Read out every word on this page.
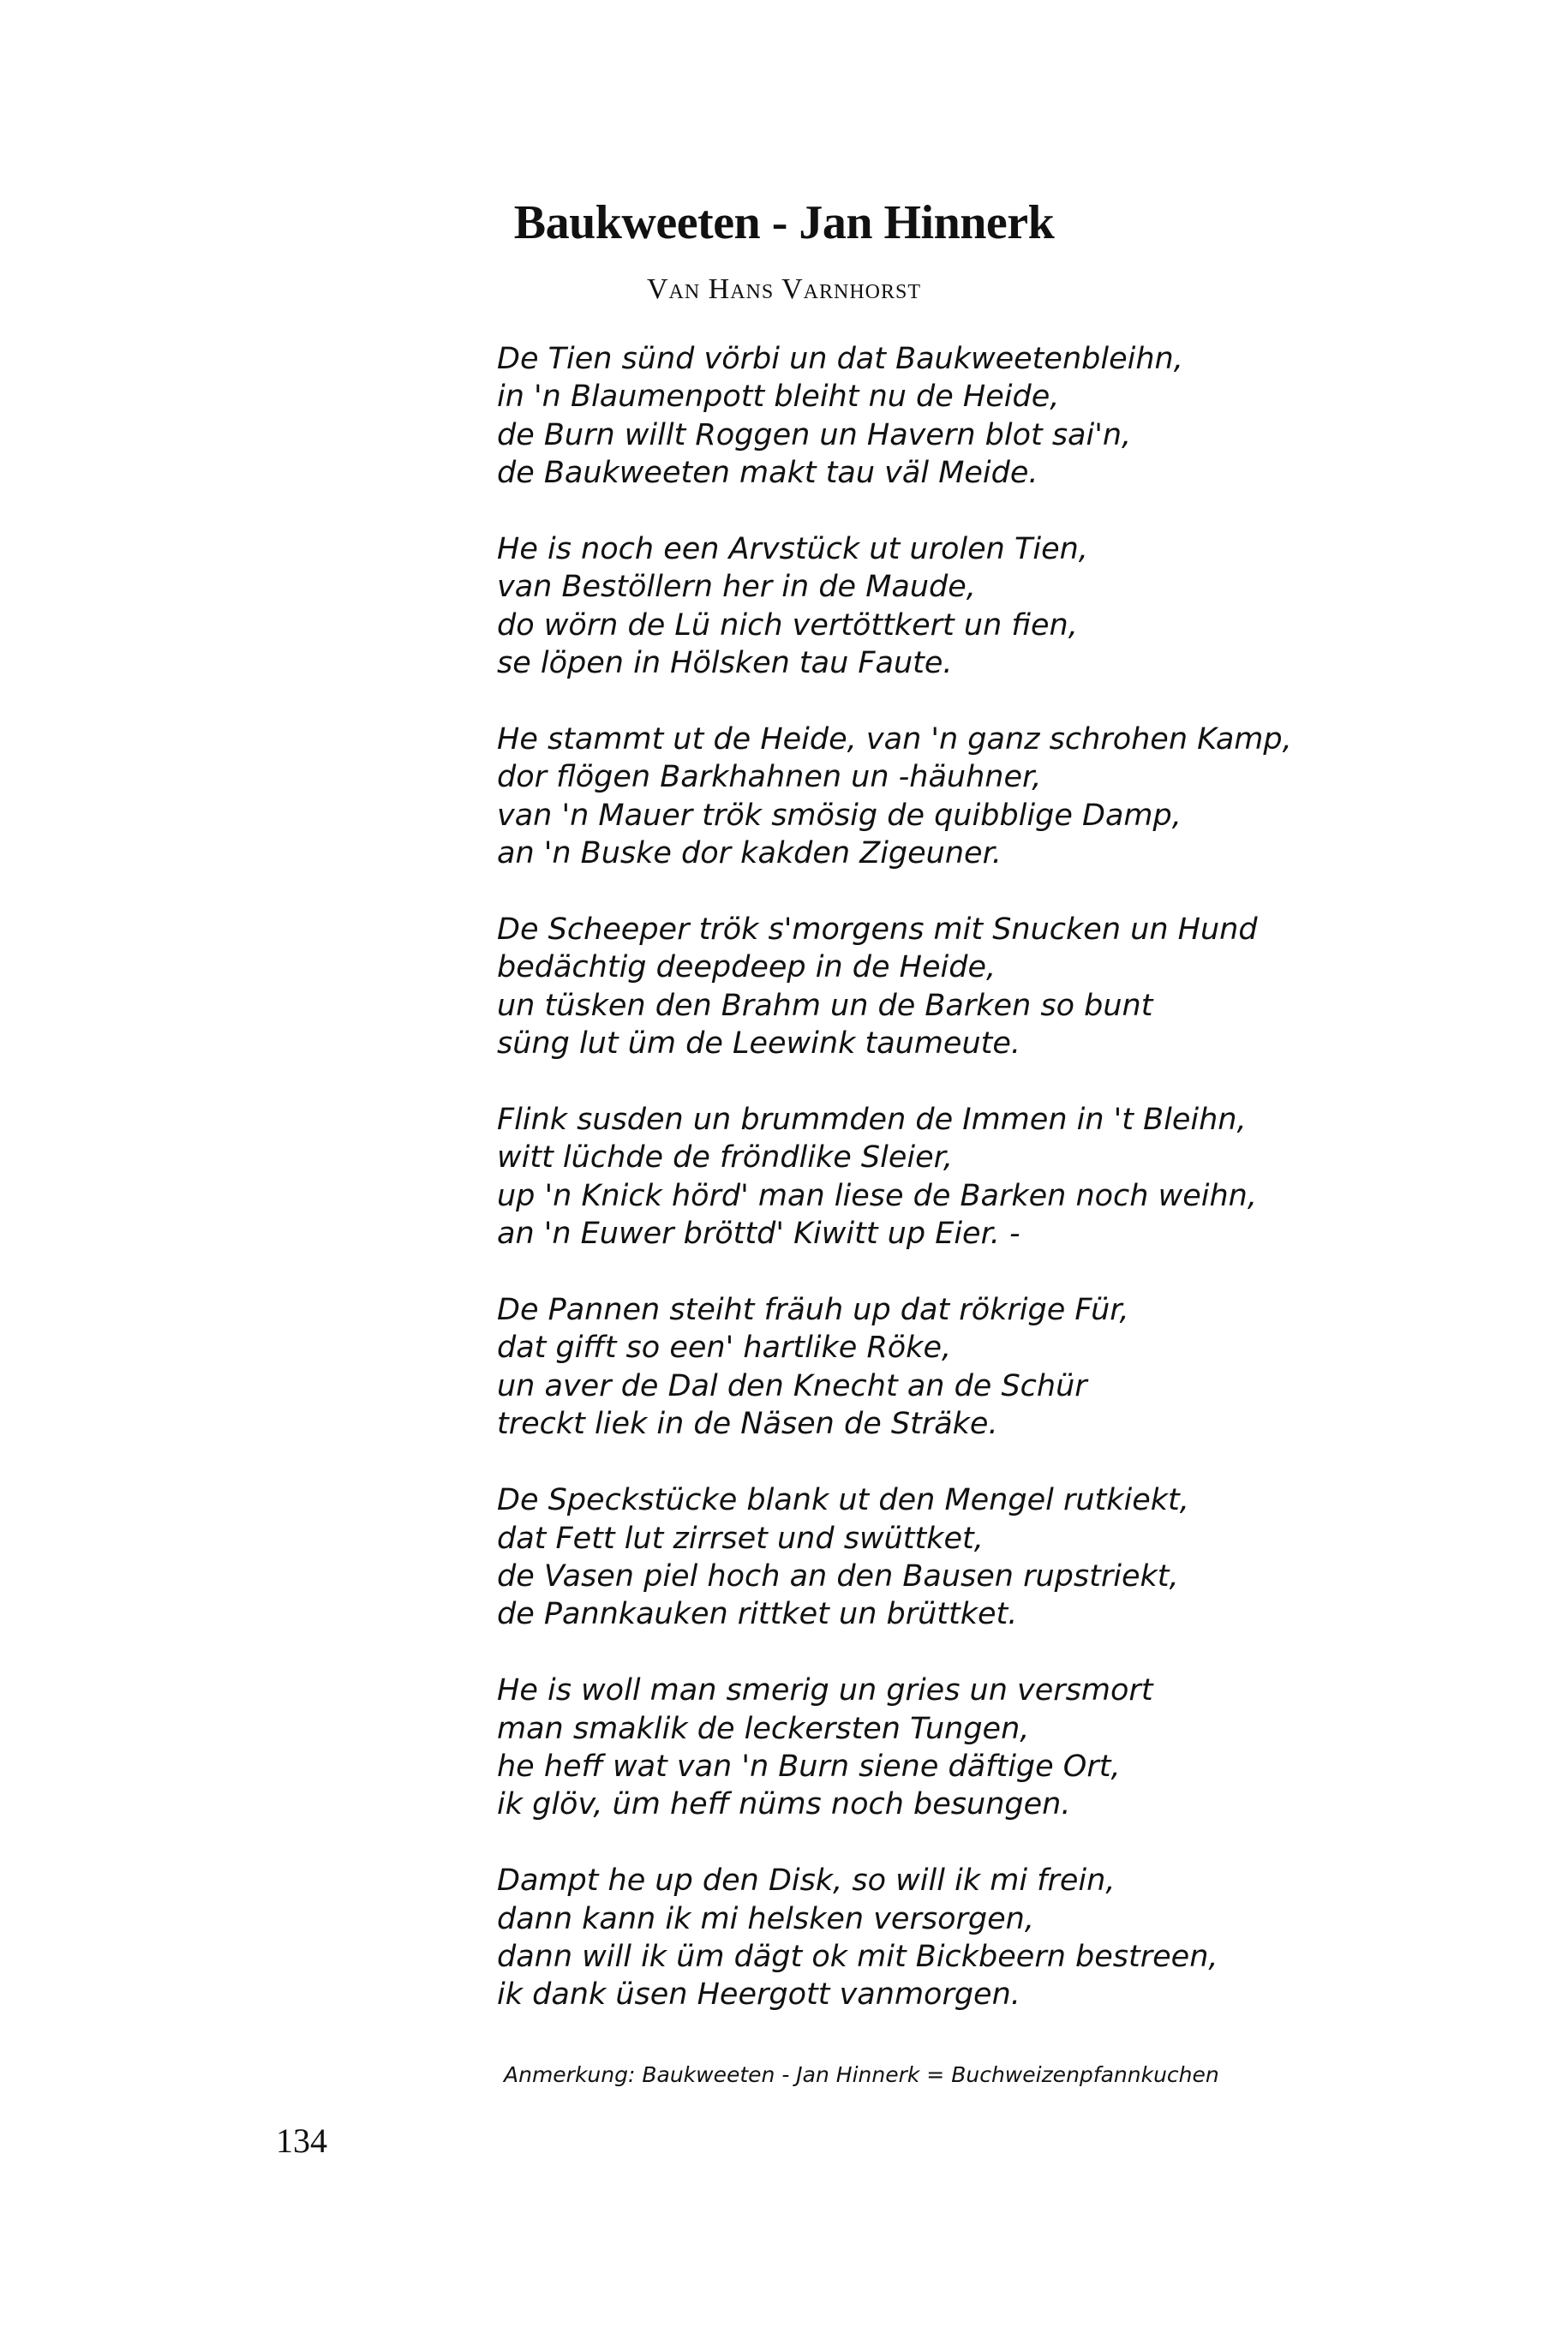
Baukweeten - Jan Hinnerk
Van Hans Varnhorst
De Tien sünd vörbi un dat Baukweetenbleihn,
in 'n Blaumenpott bleiht nu de Heide,
de Burn willt Roggen un Havern blot sai'n,
de Baukweeten makt tau väl Meide.
He is noch een Arvstück ut urolen Tien,
van Bestöllern her in de Maude,
do wörn de Lü nich vertöttkert un fien,
se löpen in Hölsken tau Faute.
He stammt ut de Heide, van 'n ganz schrohen Kamp,
dor flögen Barkhahnen un -häuhner,
van 'n Mauer trök smösig de quibblige Damp,
an 'n Buske dor kakden Zigeuner.
De Scheeper trök s'morgens mit Snucken un Hund
bedächtig deepdeep in de Heide,
un tüsken den Brahm un de Barken so bunt
süng lut üm de Leewink taumeute.
Flink susden un brummden de Immen in 't Bleihn,
witt lüchde de fröndlike Sleier,
up 'n Knick hörd' man liese de Barken noch weihn,
an 'n Euwer bröttd' Kiwitt up Eier. -
De Pannen steiht fräuh up dat rökrige Für,
dat gifft so een' hartlike Röke,
un aver de Dal den Knecht an de Schür
treckt liek in de Näsen de Sträke.
De Speckstücke blank ut den Mengel rutkiekt,
dat Fett lut zirrset und swüttket,
de Vasen piel hoch an den Bausen rupstriekt,
de Pannkauken rittket un brüttket.
He is woll man smerig un gries un versmort
man smaklik de leckersten Tungen,
he heff wat van 'n Burn siene däftige Ort,
ik glöv, üm heff nüms noch besungen.
Dampt he up den Disk, so will ik mi frein,
dann kann ik mi helsken versorgen,
dann will ik üm dägt ok mit Bickbeern bestreen,
ik dank üsen Heergott vanmorgen.
Anmerkung: Baukweeten - Jan Hinnerk = Buchweizenpfannkuchen
134
